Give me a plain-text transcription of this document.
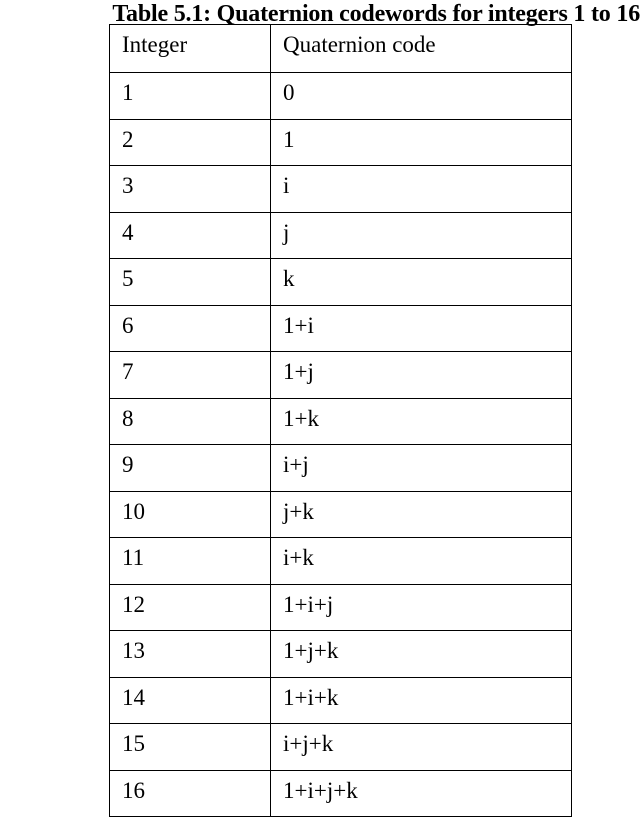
Table 5.1: Quaternion codewords for integers 1 to 16
Integer	Quaternion code

1	0

2	1

3	i

4	j

5	k

6	1+i

7	1+j

8	1+k

9	i+j

10	j+k

11	i+k

12	1+i+j

13	1+j+k

14	1+i+k

15	i+j+k

16	1+i+j+k
